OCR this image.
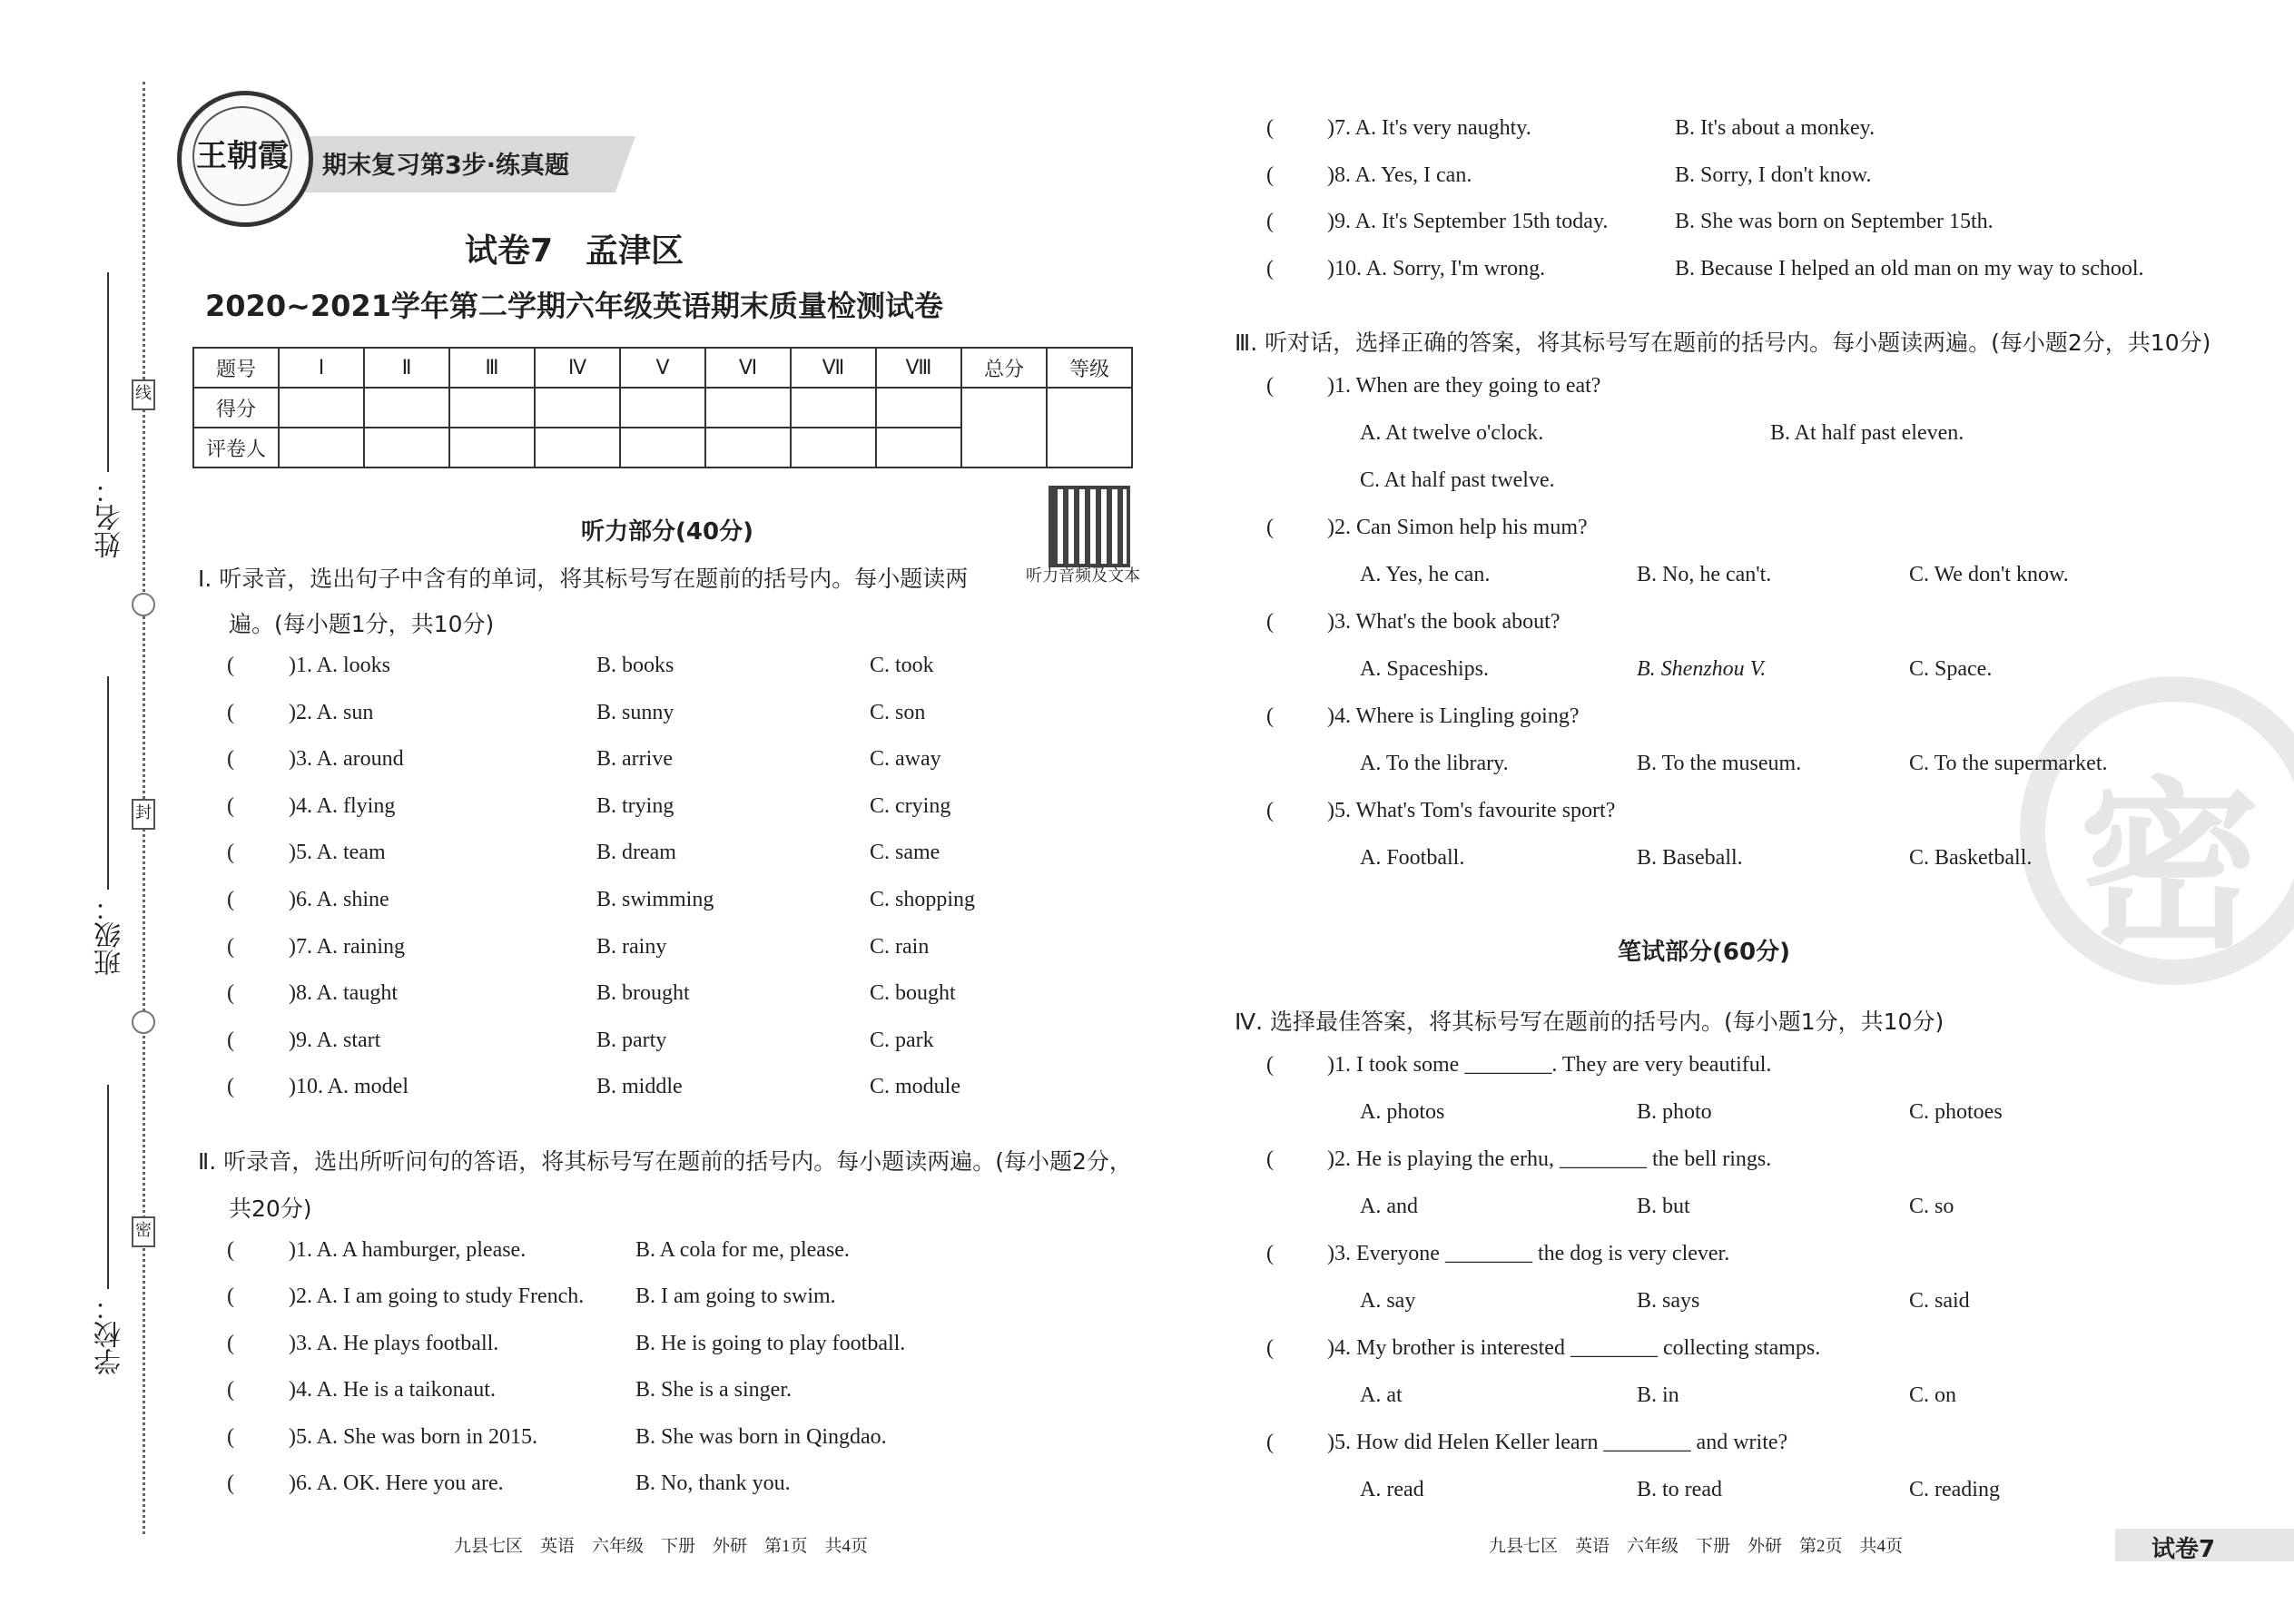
密
姓名：
班级：
学校：
线
封
密
期末复习第3步·练真题
王朝霞
试卷7　孟津区
2020~2021学年第二学期六年级英语期末质量检测试卷
题号	Ⅰ	Ⅱ	Ⅲ	Ⅳ	Ⅴ	Ⅵ	Ⅶ	Ⅷ	总分	等级
得分										
评卷人										
听力音频及文本
听力部分(40分)
Ⅰ. 听录音，选出句子中含有的单词，将其标号写在题前的括号内。每小题读两
遍。(每小题1分，共10分)
(	)1. A. looks	B. books	C. took
(	)2. A. sun	B. sunny	C. son
(	)3. A. around	B. arrive	C. away
(	)4. A. flying	B. trying	C. crying
(	)5. A. team	B. dream	C. same
(	)6. A. shine	B. swimming	C. shopping
(	)7. A. raining	B. rainy	C. rain
(	)8. A. taught	B. brought	C. bought
(	)9. A. start	B. party	C. park
(	)10. A. model	B. middle	C. module
Ⅱ. 听录音，选出所听问句的答语，将其标号写在题前的括号内。每小题读两遍。(每小题2分，
共20分)
(	)1. A. A hamburger, please.	B. A cola for me, please.
(	)2. A. I am going to study French. B. I am going to swim.
(	)3. A. He plays football.	B. He is going to play football.
(	)4. A. He is a taikonaut.	B. She is a singer.
(	)5. A. She was born in 2015.	B. She was born in Qingdao.
(	)6. A. OK. Here you are.	B. No, thank you.
( )7. A. It's very naughty.	B. It's about a monkey.
( )8. A. Yes, I can.	B. Sorry, I don't know.
( )9. A. It's September 15th today.	B. She was born on September 15th.
( )10. A. Sorry, I'm wrong.	B. Because I helped an old man on my way to school.
Ⅲ. 听对话，选择正确的答案，将其标号写在题前的括号内。每小题读两遍。(每小题2分，共10分)
( )1. When are they going to eat?
A. At twelve o'clock.	B. At half past eleven.
C. At half past twelve.
( )2. Can Simon help his mum?
A. Yes, he can.	B. No, he can't.	C. We don't know.
( )3. What's the book about?
A. Spaceships.	B. Shenzhou V.	C. Space.
( )4. Where is Lingling going?
A. To the library.	B. To the museum.	C. To the supermarket.
( )5. What's Tom's favourite sport?
A. Football.	B. Baseball.	C. Basketball.
笔试部分(60分)
Ⅳ. 选择最佳答案，将其标号写在题前的括号内。(每小题1分，共10分)
( )1. I took some ________. They are very beautiful.
A. photos	B. photo	C. photoes
( )2. He is playing the erhu, ________ the bell rings.
A. and	B. but	C. so
( )3. Everyone ________ the dog is very clever.
A. say	B. says	C. said
( )4. My brother is interested ________ collecting stamps.
A. at	B. in	C. on
( )5. How did Helen Keller learn ________ and write?
A. read	B. to read	C. reading
九县七区　英语　六年级　下册　外研　第1页　共4页	九县七区　英语　六年级　下册　外研　第2页　共4页	试卷7
